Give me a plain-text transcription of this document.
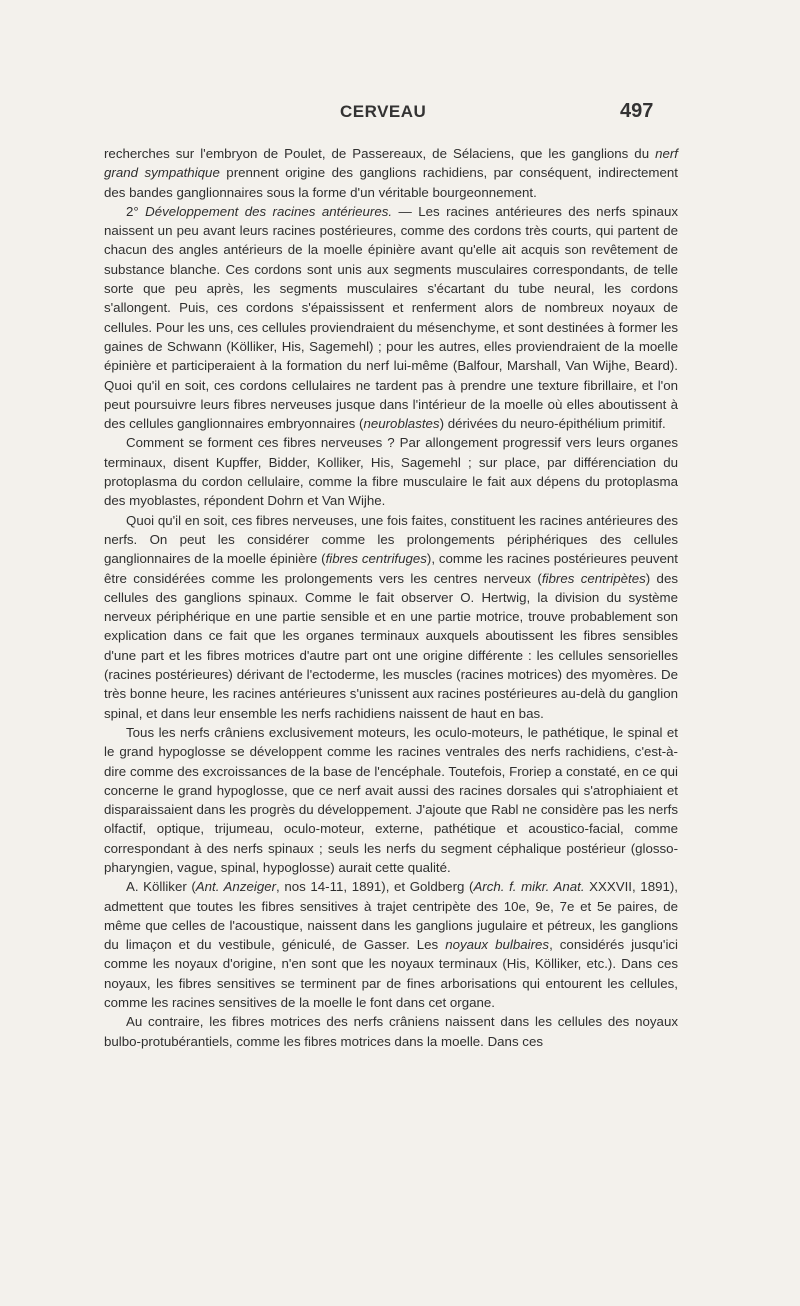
CERVEAU	497

recherches sur l'embryon de Poulet, de Passereaux, de Sélaciens, que les ganglions du nerf grand sympathique prennent origine des ganglions rachidiens, par conséquent, indirectement des bandes ganglionnaires sous la forme d'un véritable bourgeonnement.

2° Développement des racines antérieures. — Les racines antérieures des nerfs spinaux naissent un peu avant leurs racines postérieures, comme des cordons très courts, qui partent de chacun des angles antérieurs de la moelle épinière avant qu'elle ait acquis son revêtement de substance blanche. Ces cordons sont unis aux segments musculaires correspondants, de telle sorte que peu après, les segments musculaires s'écartant du tube neural, les cordons s'allongent. Puis, ces cordons s'épaississent et renferment alors de nombreux noyaux de cellules. Pour les uns, ces cellules proviendraient du mésenchyme, et sont destinées à former les gaines de Schwann (Kölliker, His, Sagemehl) ; pour les autres, elles proviendraient de la moelle épinière et participeraient à la formation du nerf lui-même (Balfour, Marshall, Van Wijhe, Beard). Quoi qu'il en soit, ces cordons cellulaires ne tardent pas à prendre une texture fibrillaire, et l'on peut poursuivre leurs fibres nerveuses jusque dans l'intérieur de la moelle où elles aboutissent à des cellules ganglionnaires embryonnaires (neuroblastes) dérivées du neuro-épithélium primitif.

Comment se forment ces fibres nerveuses ? Par allongement progressif vers leurs organes terminaux, disent Kupffer, Bidder, Kolliker, His, Sagemehl ; sur place, par différenciation du protoplasma du cordon cellulaire, comme la fibre musculaire le fait aux dépens du protoplasma des myoblastes, répondent Dohrn et Van Wijhe.

Quoi qu'il en soit, ces fibres nerveuses, une fois faites, constituent les racines antérieures des nerfs. On peut les considérer comme les prolongements périphériques des cellules ganglionnaires de la moelle épinière (fibres centrifuges), comme les racines postérieures peuvent être considérées comme les prolongements vers les centres nerveux (fibres centripètes) des cellules des ganglions spinaux. Comme le fait observer O. Hertwig, la division du système nerveux périphérique en une partie sensible et en une partie motrice, trouve probablement son explication dans ce fait que les organes terminaux auxquels aboutissent les fibres sensibles d'une part et les fibres motrices d'autre part ont une origine différente : les cellules sensorielles (racines postérieures) dérivant de l'ectoderme, les muscles (racines motrices) des myomères. De très bonne heure, les racines antérieures s'unissent aux racines postérieures au-delà du ganglion spinal, et dans leur ensemble les nerfs rachidiens naissent de haut en bas.

Tous les nerfs crâniens exclusivement moteurs, les oculo-moteurs, le pathétique, le spinal et le grand hypoglosse se développent comme les racines ventrales des nerfs rachidiens, c'est-à-dire comme des excroissances de la base de l'encéphale. Toutefois, Froriep a constaté, en ce qui concerne le grand hypoglosse, que ce nerf avait aussi des racines dorsales qui s'atrophiaient et disparaissaient dans les progrès du développement. J'ajoute que Rabl ne considère pas les nerfs olfactif, optique, trijumeau, oculo-moteur, externe, pathétique et acoustico-facial, comme correspondant à des nerfs spinaux ; seuls les nerfs du segment céphalique postérieur (glosso-pharyngien, vague, spinal, hypoglosse) aurait cette qualité.

A. Kölliker (Ant. Anzeiger, nos 14-11, 1891), et Goldberg (Arch. f. mikr. Anat. XXXVII, 1891), admettent que toutes les fibres sensitives à trajet centripète des 10e, 9e, 7e et 5e paires, de même que celles de l'acoustique, naissent dans les ganglions jugulaire et pétreux, les ganglions du limaçon et du vestibule, géniculé, de Gasser. Les noyaux bulbaires, considérés jusqu'ici comme les noyaux d'origine, n'en sont que les noyaux terminaux (His, Kölliker, etc.). Dans ces noyaux, les fibres sensitives se terminent par de fines arborisations qui entourent les cellules, comme les racines sensitives de la moelle le font dans cet organe.

Au contraire, les fibres motrices des nerfs crâniens naissent dans les cellules des noyaux bulbo-protubérantiels, comme les fibres motrices dans la moelle. Dans ces
